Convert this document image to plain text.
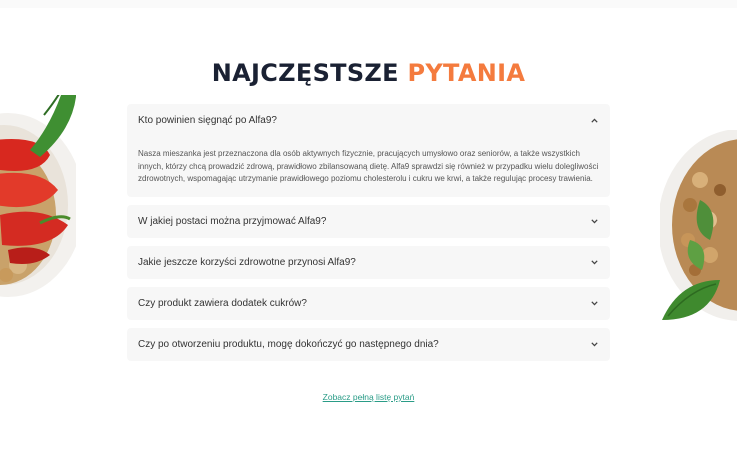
NAJCZĘSTSZE PYTANIA
Kto powinien sięgnąć po Alfa9?

Nasza mieszanka jest przeznaczona dla osób aktywnych fizycznie, pracujących umysłowo oraz seniorów, a także wszystkich innych, którzy chcą prowadzić zdrową, prawidłowo zbilansowaną dietę. Alfa9 sprawdzi się również w przypadku wielu dolegliwości zdrowotnych, wspomagając utrzymanie prawidłowego poziomu cholesterolu i cukru we krwi, a także regulując procesy trawienia.

W jakiej postaci można przyjmować Alfa9?
Jakie jeszcze korzyści zdrowotne przynosi Alfa9?
Czy produkt zawiera dodatek cukrów?
Czy po otworzeniu produktu, mogę dokończyć go następnego dnia?
Zobacz pełną listę pytań
